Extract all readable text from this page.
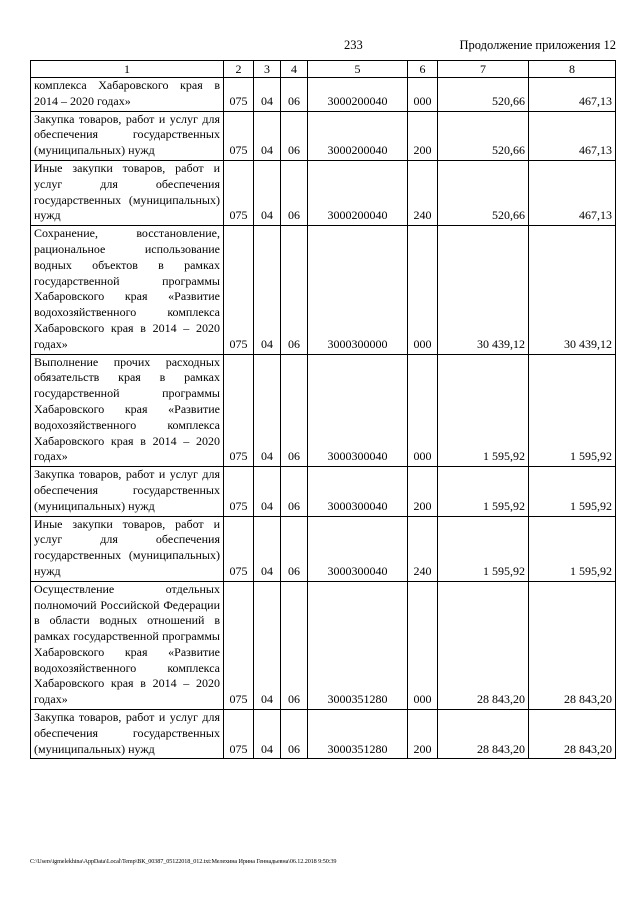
233	Продолжение приложения 12
1	2	3	4	5	6	7	8
комплекса Хабаровского края в 2014 – 2020 годах»	075	04	06	3000200040	000	520,66	467,13
Закупка товаров, работ и услуг для обеспечения государственных (муниципальных) нужд	075	04	06	3000200040	200	520,66	467,13
Иные закупки товаров, работ и услуг для обеспечения государственных (муниципальных) нужд	075	04	06	3000200040	240	520,66	467,13
Сохранение, восстановление, рациональное использование водных объектов в рамках государственной программы Хабаровского края «Развитие водохозяйственного комплекса Хабаровского края в 2014 – 2020 годах»	075	04	06	3000300000	000	30 439,12	30 439,12
Выполнение прочих расходных обязательств края в рамках государственной программы Хабаровского края «Развитие водохозяйственного комплекса Хабаровского края в 2014 – 2020 годах»	075	04	06	3000300040	000	1 595,92	1 595,92
Закупка товаров, работ и услуг для обеспечения государственных (муниципальных) нужд	075	04	06	3000300040	200	1 595,92	1 595,92
Иные закупки товаров, работ и услуг для обеспечения государственных (муниципальных) нужд	075	04	06	3000300040	240	1 595,92	1 595,92
Осуществление отдельных полномочий Российской Федерации в области водных отношений в рамках государственной программы Хабаровского края «Развитие водохозяйственного комплекса Хабаровского края в 2014 – 2020 годах»	075	04	06	3000351280	000	28 843,20	28 843,20
Закупка товаров, работ и услуг для обеспечения государственных (муниципальных) нужд	075	04	06	3000351280	200	28 843,20	28 843,20
C:\Users\igmelekhina\AppData\Local\Temp\ВК_00387_05122018_012.txt:Мелехина Ирина Геннадьевна\06.12.2018 9:50:39
